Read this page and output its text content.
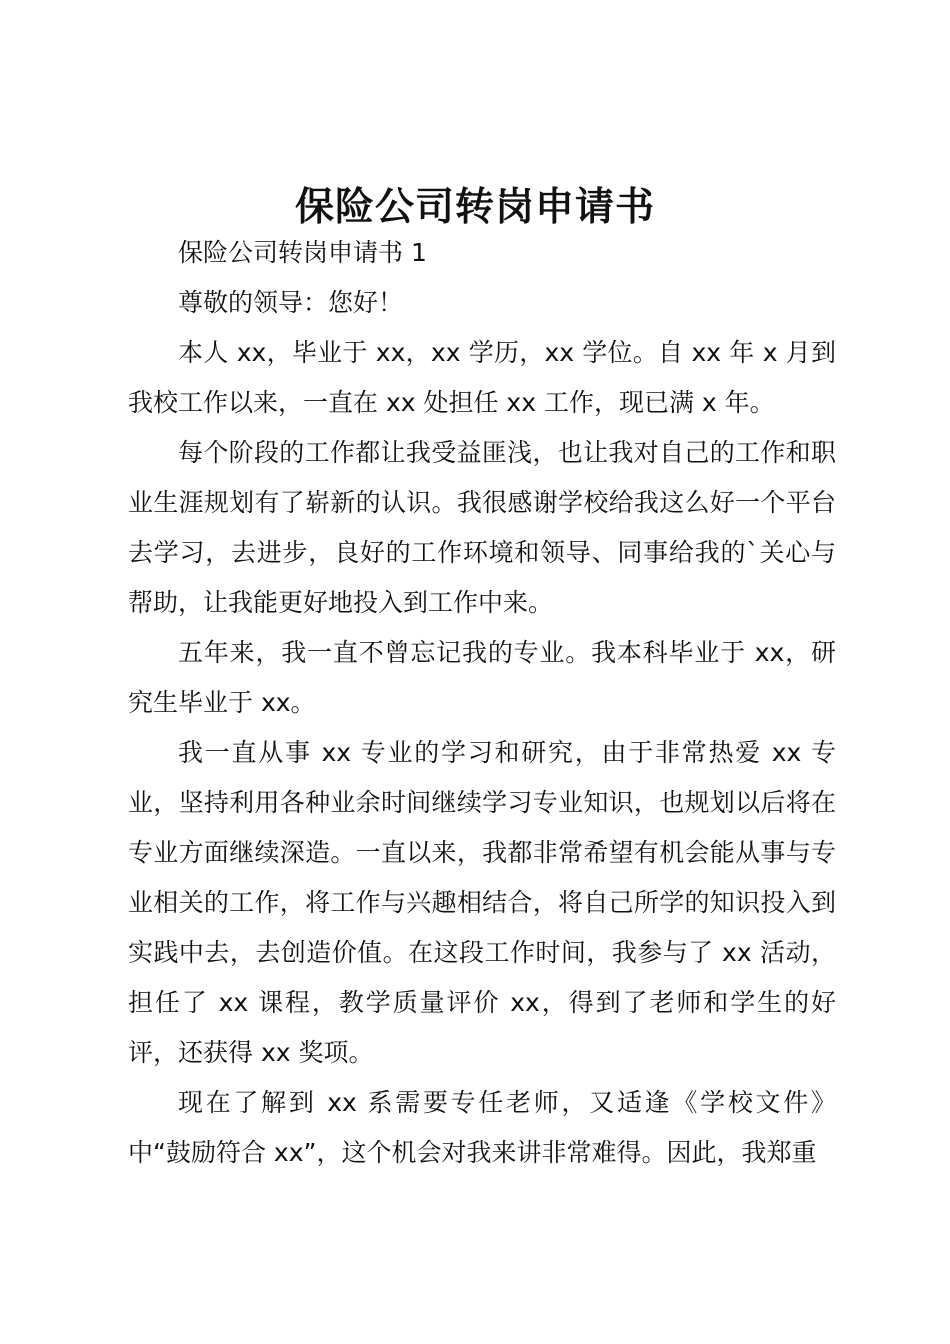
保险公司转岗申请书

保险公司转岗申请书 1

尊敬的领导：您好！

本人 xx，毕业于 xx，xx 学历，xx 学位。自 xx 年 x 月到我校工作以来，一直在 xx 处担任 xx 工作，现已满 x 年。

每个阶段的工作都让我受益匪浅，也让我对自己的工作和职业生涯规划有了崭新的认识。我很感谢学校给我这么好一个平台去学习，去进步，良好的工作环境和领导、同事给我的`关心与帮助，让我能更好地投入到工作中来。

五年来，我一直不曾忘记我的专业。我本科毕业于 xx，研究生毕业于 xx。

我一直从事 xx 专业的学习和研究，由于非常热爱 xx 专业，坚持利用各种业余时间继续学习专业知识，也规划以后将在专业方面继续深造。一直以来，我都非常希望有机会能从事与专业相关的工作，将工作与兴趣相结合，将自己所学的知识投入到实践中去，去创造价值。在这段工作时间，我参与了 xx 活动，担任了 xx 课程，教学质量评价 xx，得到了老师和学生的好评，还获得 xx 奖项。

现在了解到 xx 系需要专任老师，又适逢《学校文件》中“鼓励符合 xx”，这个机会对我来讲非常难得。因此，我郑重
